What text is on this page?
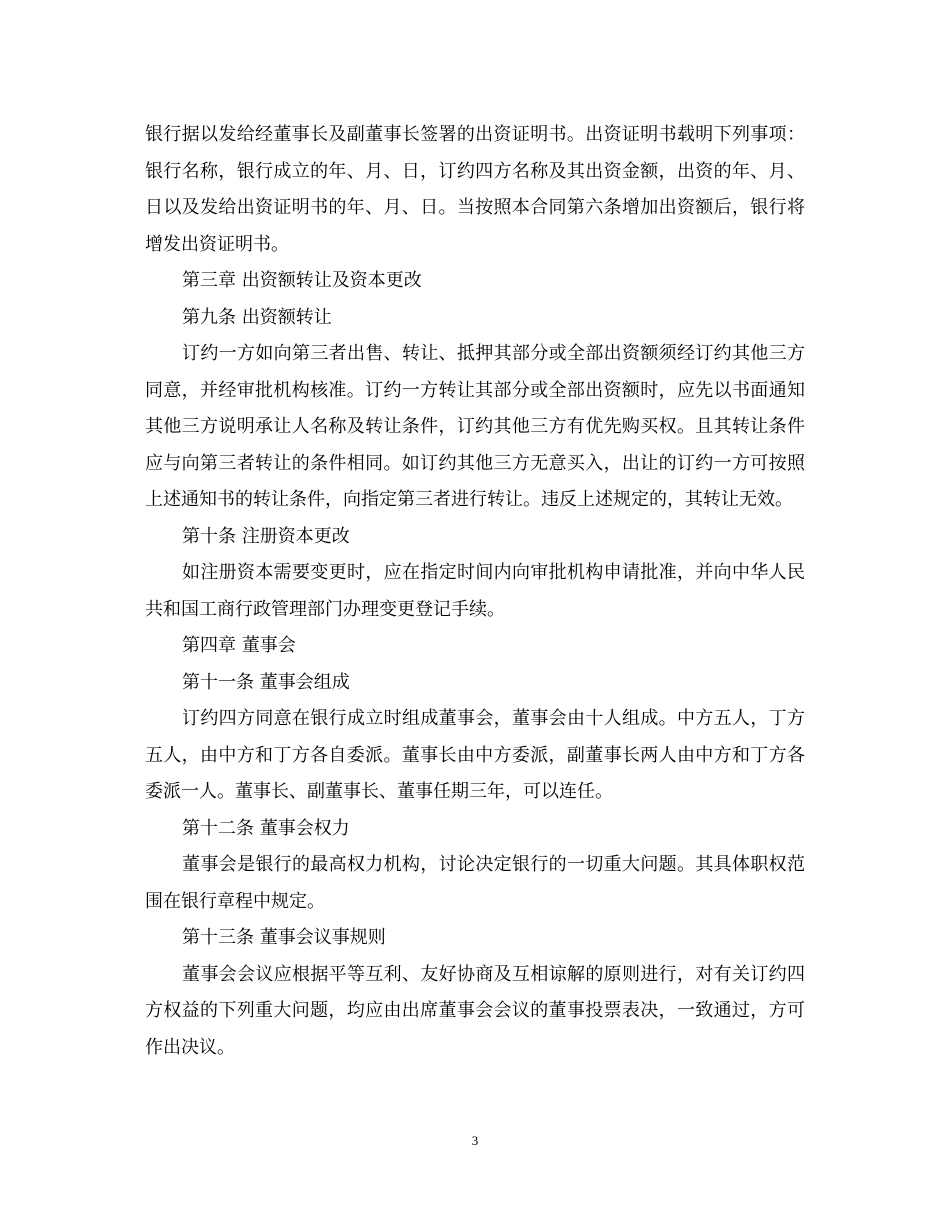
银行据以发给经董事长及副董事长签署的出资证明书。出资证明书载明下列事项：银行名称，银行成立的年、月、日，订约四方名称及其出资金额，出资的年、月、日以及发给出资证明书的年、月、日。当按照本合同第六条增加出资额后，银行将增发出资证明书。

第三章 出资额转让及资本更改

第九条 出资额转让

订约一方如向第三者出售、转让、抵押其部分或全部出资额须经订约其他三方同意，并经审批机构核准。订约一方转让其部分或全部出资额时，应先以书面通知其他三方说明承让人名称及转让条件，订约其他三方有优先购买权。且其转让条件应与向第三者转让的条件相同。如订约其他三方无意买入，出让的订约一方可按照上述通知书的转让条件，向指定第三者进行转让。违反上述规定的，其转让无效。

第十条 注册资本更改

如注册资本需要变更时，应在指定时间内向审批机构申请批准，并向中华人民共和国工商行政管理部门办理变更登记手续。

第四章 董事会

第十一条 董事会组成

订约四方同意在银行成立时组成董事会，董事会由十人组成。中方五人，丁方五人，由中方和丁方各自委派。董事长由中方委派，副董事长两人由中方和丁方各委派一人。董事长、副董事长、董事任期三年，可以连任。

第十二条 董事会权力

董事会是银行的最高权力机构，讨论决定银行的一切重大问题。其具体职权范围在银行章程中规定。

第十三条 董事会议事规则

董事会会议应根据平等互利、友好协商及互相谅解的原则进行，对有关订约四方权益的下列重大问题，均应由出席董事会会议的董事投票表决，一致通过，方可作出决议。

3
